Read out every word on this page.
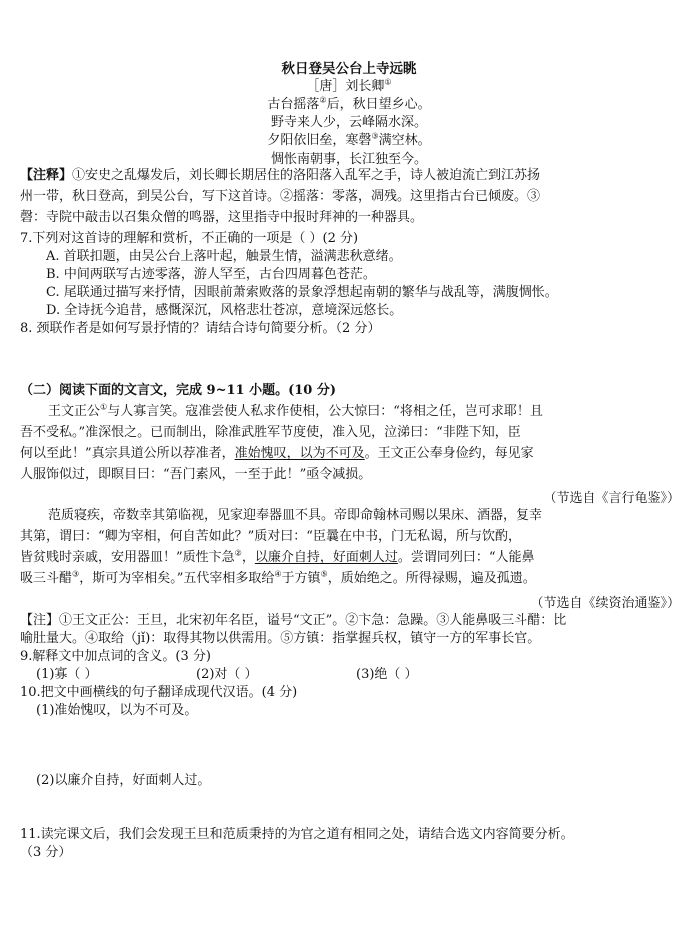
秋日登吴公台上寺远眺
［唐］刘长卿①
古台摇落②后，秋日望乡心。
野寺来人少，云峰隔水深。
夕阳依旧垒，寒磬③满空林。
惆怅南朝事，长江独至今。
【注释】①安史之乱爆发后，刘长卿长期居住的洛阳落入乱军之手，诗人被迫流亡到江苏扬
州一带，秋日登高，到吴公台，写下这首诗。②摇落：零落，凋残。这里指古台已倾废。③
磬：寺院中敲击以召集众僧的鸣器，这里指寺中报时拜神的一种器具。
7.下列对这首诗的理解和赏析，不正确的一项是（ ）(2 分)
A. 首联扣题，由吴公台上落叶起，触景生情，溢满悲秋意绪。
B. 中间两联写古迹零落，游人罕至，古台四周暮色苍茫。
C. 尾联通过描写来抒情，因眼前萧索败落的景象浮想起南朝的繁华与战乱等，满腹惆怅。
D. 全诗抚今追昔，感慨深沉，风格悲壮苍凉，意境深远悠长。
8. 颈联作者是如何写景抒情的？请结合诗句简要分析。（2 分）
（二）阅读下面的文言文，完成 9~11 小题。(10 分)
王文正公①与人寡言笑。寇准尝使人私求作使相，公大惊曰：“将相之任，岂可求耶！且
吾不受私。”准深恨之。已而制出，除准武胜军节度使，准入见，泣涕曰：“非陛下知，臣
何以至此！”真宗具道公所以荐准者，准始愧叹，以为不可及。王文正公奉身俭约，每见家
人服饰似过，即瞑目曰：“吾门素风，一至于此！”亟令减损。
（节选自《言行龟鉴》）
范质寝疾，帝数幸其第临视，见家迎奉器皿不具。帝即命翰林司赐以果床、酒器，复幸
其第，谓曰：“卿为宰相，何自苦如此？”质对曰：“臣曩在中书，门无私谒，所与饮酌，
皆贫贱时亲戚，安用器皿！”质性卞急②，以廉介自持，好面刺人过。尝谓同列曰：“人能鼻
吸三斗醋③，斯可为宰相矣。”五代宰相多取给④于方镇⑤，质始绝之。所得禄赐，遍及孤遗。
（节选自《续资治通鉴》）
【注】①王文正公：王旦，北宋初年名臣，谥号“文正”。②卞急：急躁。③人能鼻吸三斗醋：比
喻肚量大。④取给（jǐ)：取得其物以供需用。⑤方镇：指掌握兵权，镇守一方的军事长官。
9.解释文中加点词的含义。(3 分)
(1)寡（ ）	(2)对（ ）	(3)绝（ ）
10.把文中画横线的句子翻译成现代汉语。(4 分)
(1)准始愧叹，以为不可及。
(2)以廉介自持，好面刺人过。
11.读完课文后，我们会发现王旦和范质秉持的为官之道有相同之处，请结合选文内容简要分析。
（3 分）
